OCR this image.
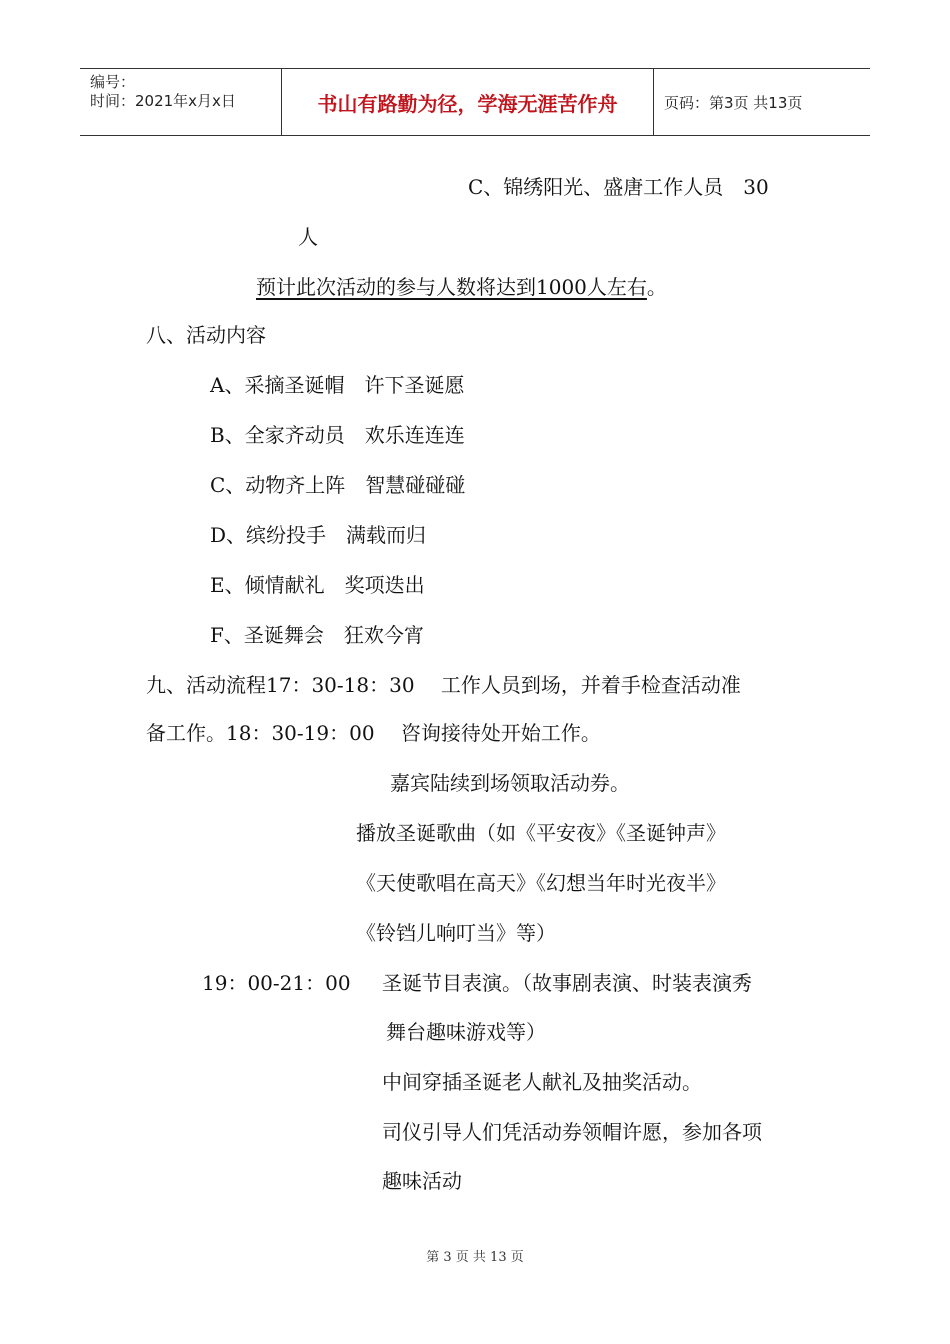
编号：
时间：2021年x月x日	书山有路勤为径，学海无涯苦作舟	页码：第3页 共13页
C、锦绣阳光、盛唐工作人员　30
人
预计此次活动的参与人数将达到1000人左右。
八、活动内容
A、采摘圣诞帽　许下圣诞愿
B、全家齐动员　欢乐连连连
C、动物齐上阵　智慧碰碰碰
D、缤纷投手　满载而归
E、倾情献礼　奖项迭出
F、圣诞舞会　狂欢今宵
九、活动流程17：30-18：30　 工作人员到场，并着手检查活动准
备工作。18：30-19：00　 咨询接待处开始工作。
嘉宾陆续到场领取活动券。
播放圣诞歌曲（如《平安夜》《圣诞钟声》
《天使歌唱在高天》《幻想当年时光夜半》
《铃铛儿响叮当》等）
19：00-21：00 圣诞节目表演。（故事剧表演、时装表演秀
舞台趣味游戏等）
中间穿插圣诞老人献礼及抽奖活动。
司仪引导人们凭活动券领帽许愿，参加各项
趣味活动
第 3 页 共 13 页
